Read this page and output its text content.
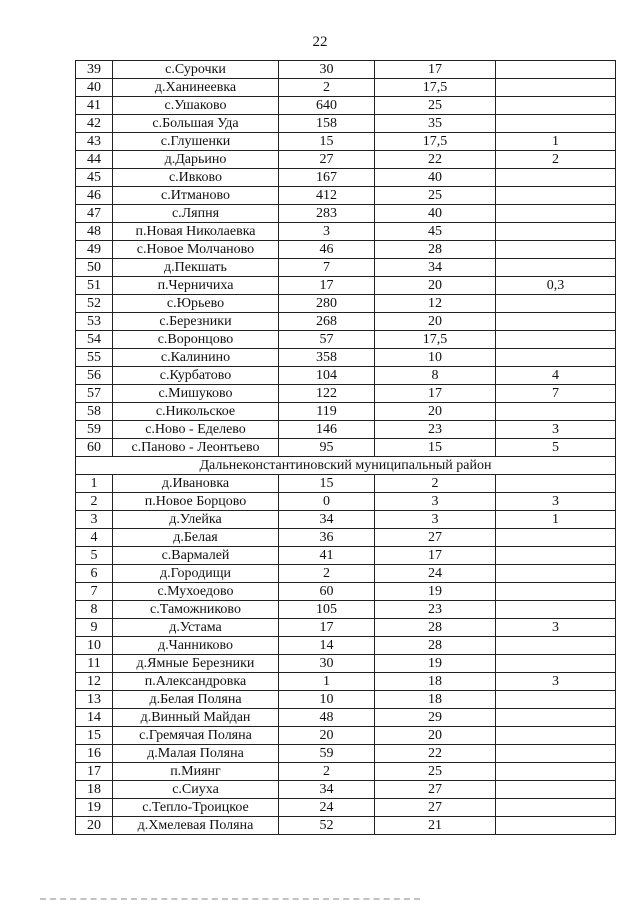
22
39	с.Сурочки	30	17	
40	д.Ханинеевка	2	17,5	
41	с.Ушаково	640	25	
42	с.Большая Уда	158	35	
43	с.Глушенки	15	17,5	1
44	д.Дарьино	27	22	2
45	с.Ивково	167	40	
46	с.Итманово	412	25	
47	с.Ляпня	283	40	
48	п.Новая Николаевка	3	45	
49	с.Новое Молчаново	46	28	
50	д.Пекшать	7	34	
51	п.Черничиха	17	20	0,3
52	с.Юрьево	280	12	
53	с.Березники	268	20	
54	с.Воронцово	57	17,5	
55	с.Калинино	358	10	
56	с.Курбатово	104	8	4
57	с.Мишуково	122	17	7
58	с.Никольское	119	20	
59	с.Ново - Еделево	146	23	3
60	с.Паново - Леонтьево	95	15	5
Дальнеконстантиновский муниципальный район				
1	д.Ивановка	15	2	
2	п.Новое Борцово	0	3	3
3	д.Улейка	34	3	1
4	д.Белая	36	27	
5	с.Вармалей	41	17	
6	д.Городищи	2	24	
7	с.Мухоедово	60	19	
8	с.Таможниково	105	23	
9	д.Устама	17	28	3
10	д.Чанниково	14	28	
11	д.Ямные Березники	30	19	
12	п.Александровка	1	18	3
13	д.Белая Поляна	10	18	
14	д.Винный Майдан	48	29	
15	с.Гремячая Поляна	20	20	
16	д.Малая Поляна	59	22	
17	п.Миянг	2	25	
18	с.Сиуха	34	27	
19	с.Тепло-Троицкое	24	27	
20	д.Хмелевая Поляна	52	21	
